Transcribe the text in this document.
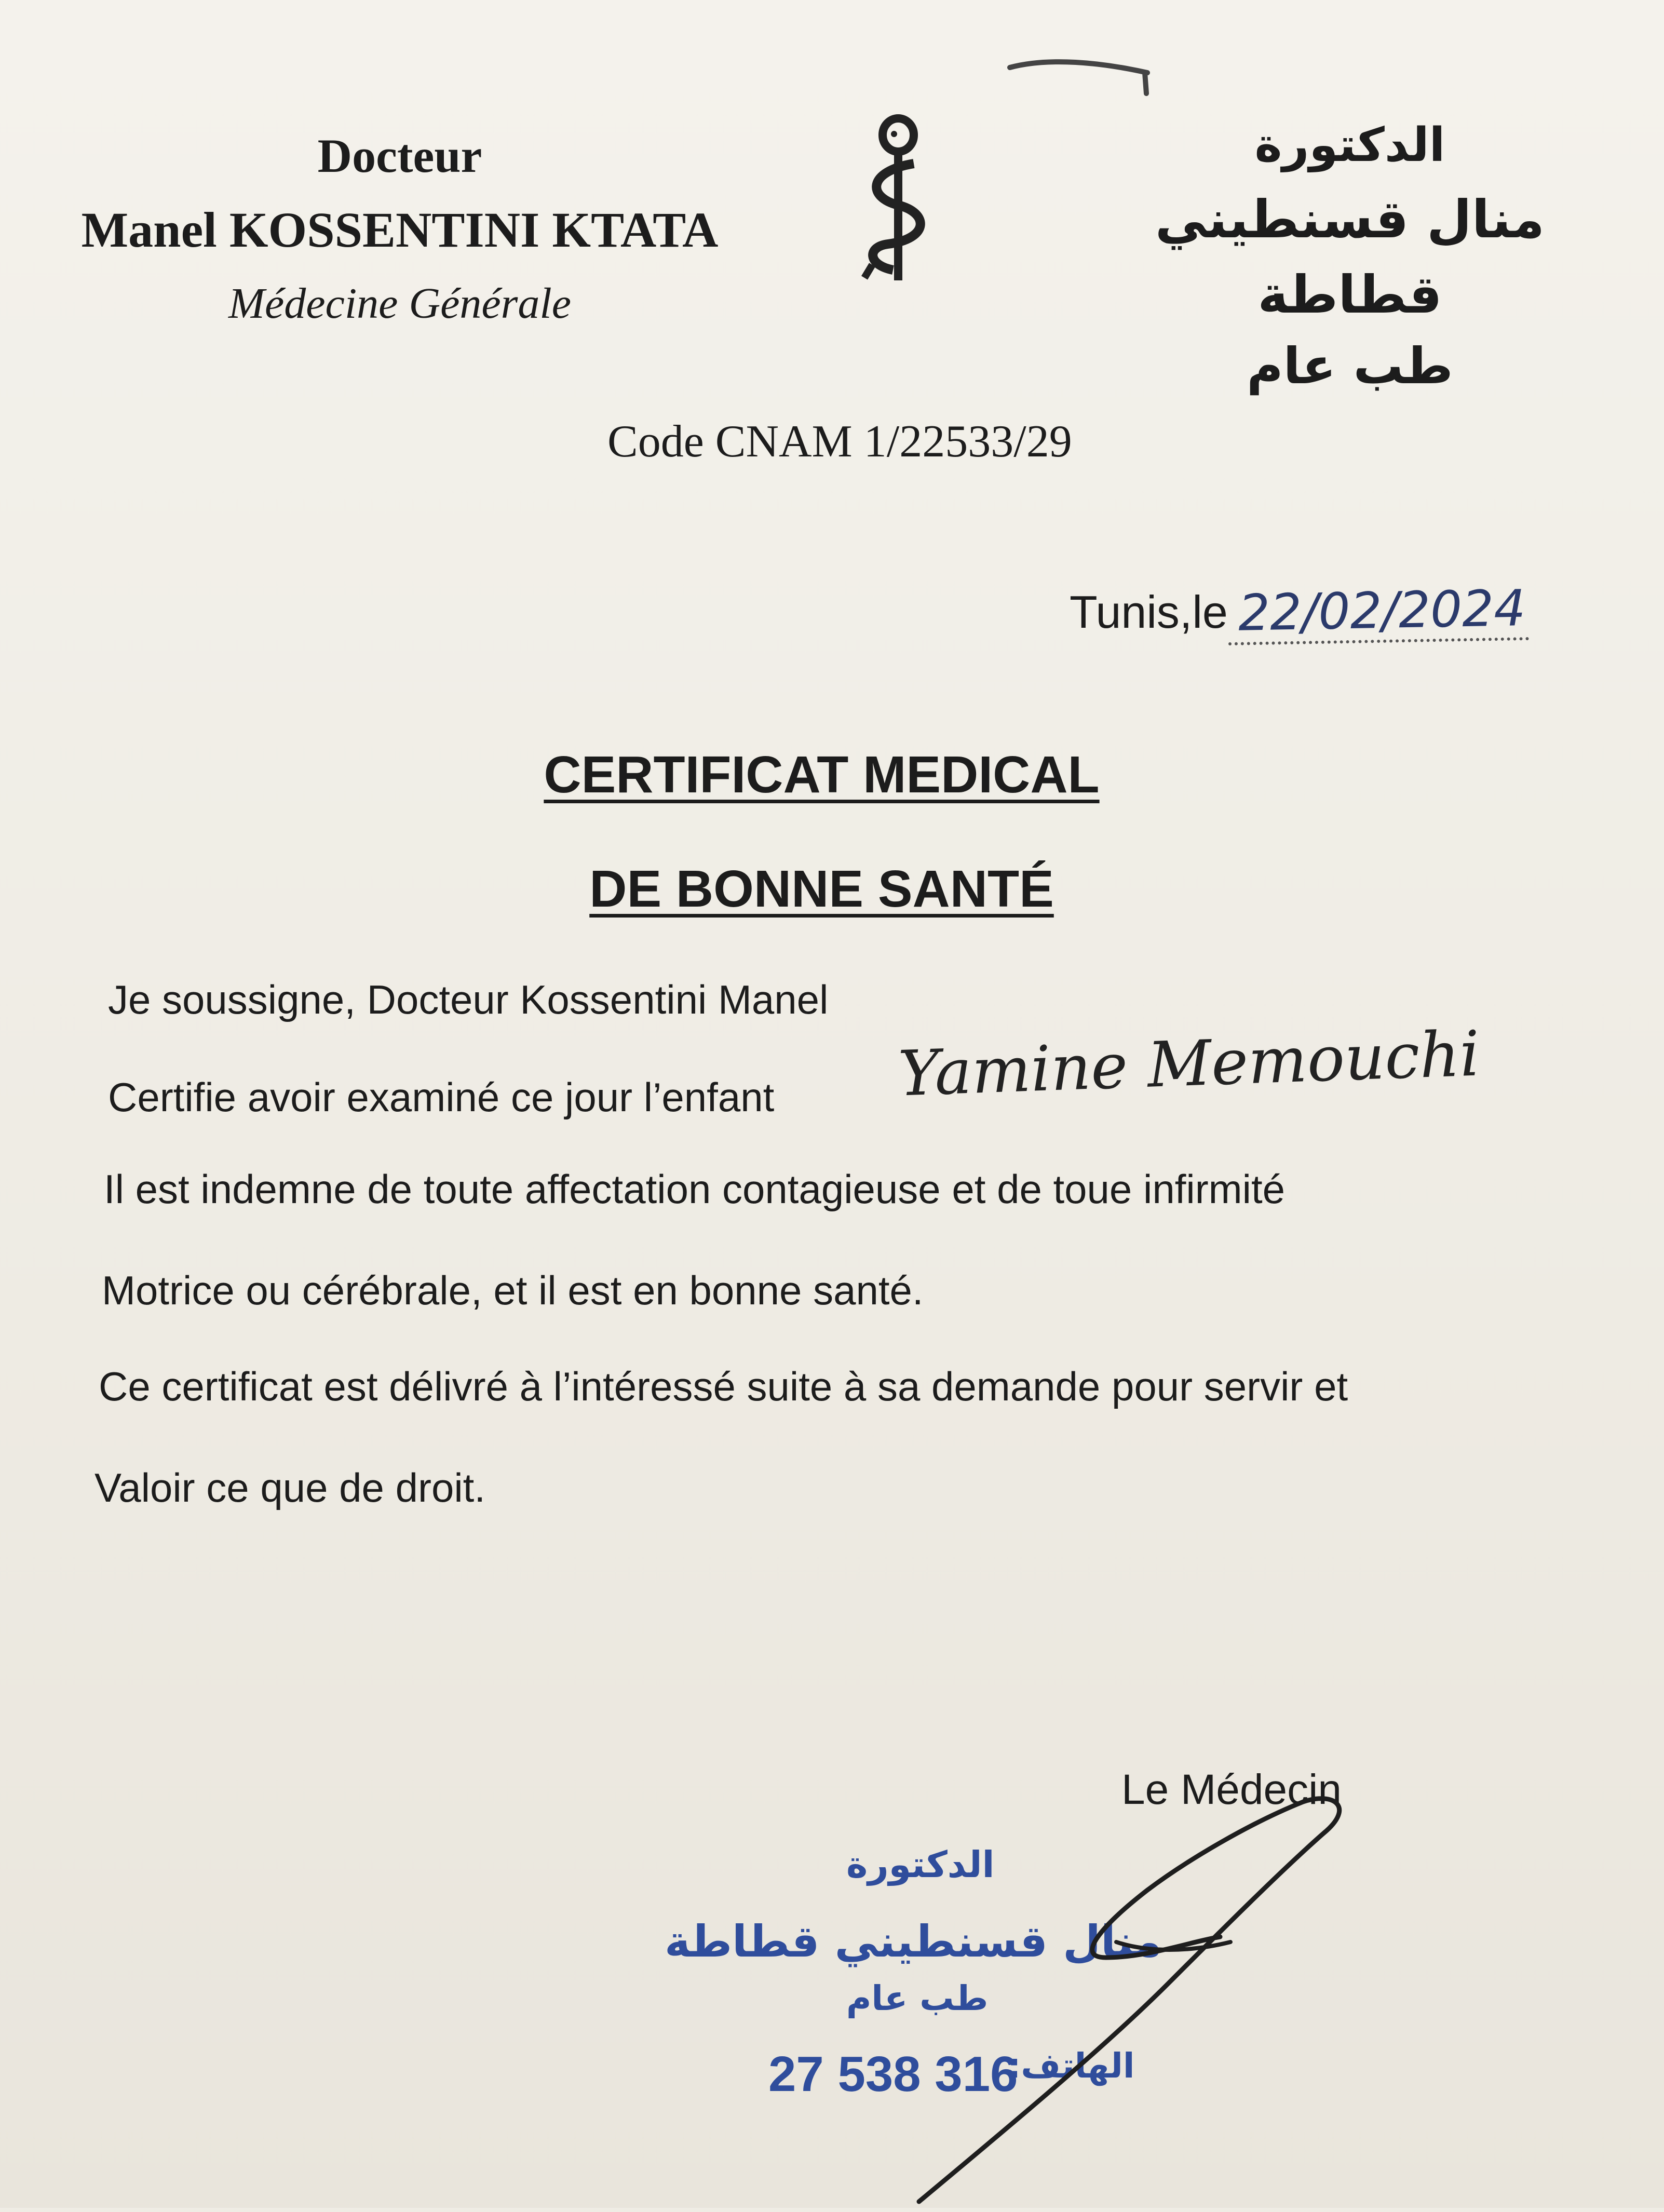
Docteur
Manel KOSSENTINI KTATA
Médecine Générale
الدكتورة
منال قسنطيني قطاطة
طب عام
Code CNAM 1/22533/29
Tunis,le 22/02/2024
CERTIFICAT MEDICAL
DE BONNE SANTÉ
Je soussigne, Docteur Kossentini Manel
Certifie avoir examiné ce jour l’enfant Yamine Memouchi
Il est indemne de toute affectation contagieuse et de toue infirmité
Motrice ou cérébrale, et il est en bonne santé.
Ce certificat est délivré à l’intéressé suite à sa demande pour servir et
Valoir ce que de droit.
Le Médecin
الدكتورة
منال قسنطيني قطاطة
طب عام
الهاتف:
27 538 316
